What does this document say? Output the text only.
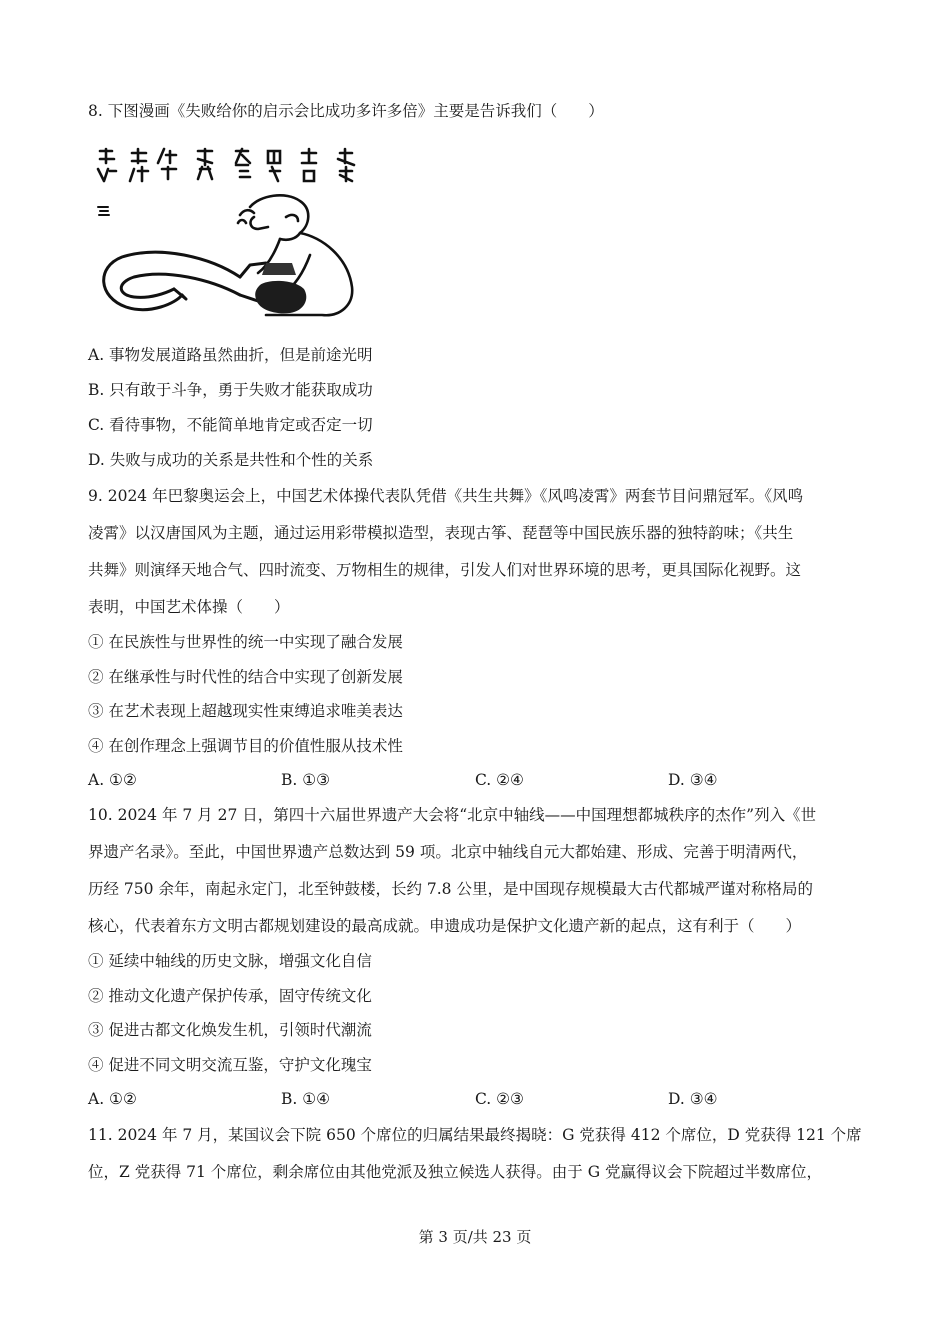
8. 下图漫画《失败给你的启示会比成功多许多倍》主要是告诉我们（　　）
A. 事物发展道路虽然曲折，但是前途光明
B. 只有敢于斗争，勇于失败才能获取成功
C. 看待事物，不能简单地肯定或否定一切
D. 失败与成功的关系是共性和个性的关系
9. 2024 年巴黎奥运会上，中国艺术体操代表队凭借《共生共舞》《风鸣凌霄》两套节目问鼎冠军。《风鸣
凌霄》以汉唐国风为主题，通过运用彩带模拟造型，表现古筝、琵琶等中国民族乐器的独特韵味；《共生
共舞》则演绎天地合气、四时流变、万物相生的规律，引发人们对世界环境的思考，更具国际化视野。这
表明，中国艺术体操（　　）
① 在民族性与世界性的统一中实现了融合发展
② 在继承性与时代性的结合中实现了创新发展
③ 在艺术表现上超越现实性束缚追求唯美表达
④ 在创作理念上强调节目的价值性服从技术性
A. ①②	B. ①③	C. ②④	D. ③④
10. 2024 年 7 月 27 日，第四十六届世界遗产大会将“北京中轴线——中国理想都城秩序的杰作”列入《世
界遗产名录》。至此，中国世界遗产总数达到 59 项。北京中轴线自元大都始建、形成、完善于明清两代，
历经 750 余年，南起永定门，北至钟鼓楼，长约 7.8 公里，是中国现存规模最大古代都城严谨对称格局的
核心，代表着东方文明古都规划建设的最高成就。申遗成功是保护文化遗产新的起点，这有利于（　　）
① 延续中轴线的历史文脉，增强文化自信
② 推动文化遗产保护传承，固守传统文化
③ 促进古都文化焕发生机，引领时代潮流
④ 促进不同文明交流互鉴，守护文化瑰宝
A. ①②	B. ①④	C. ②③	D. ③④
11. 2024 年 7 月，某国议会下院 650 个席位的归属结果最终揭晓：G 党获得 412 个席位，D 党获得 121 个席
位，Z 党获得 71 个席位，剩余席位由其他党派及独立候选人获得。由于 G 党赢得议会下院超过半数席位，
第 3 页/共 23 页
